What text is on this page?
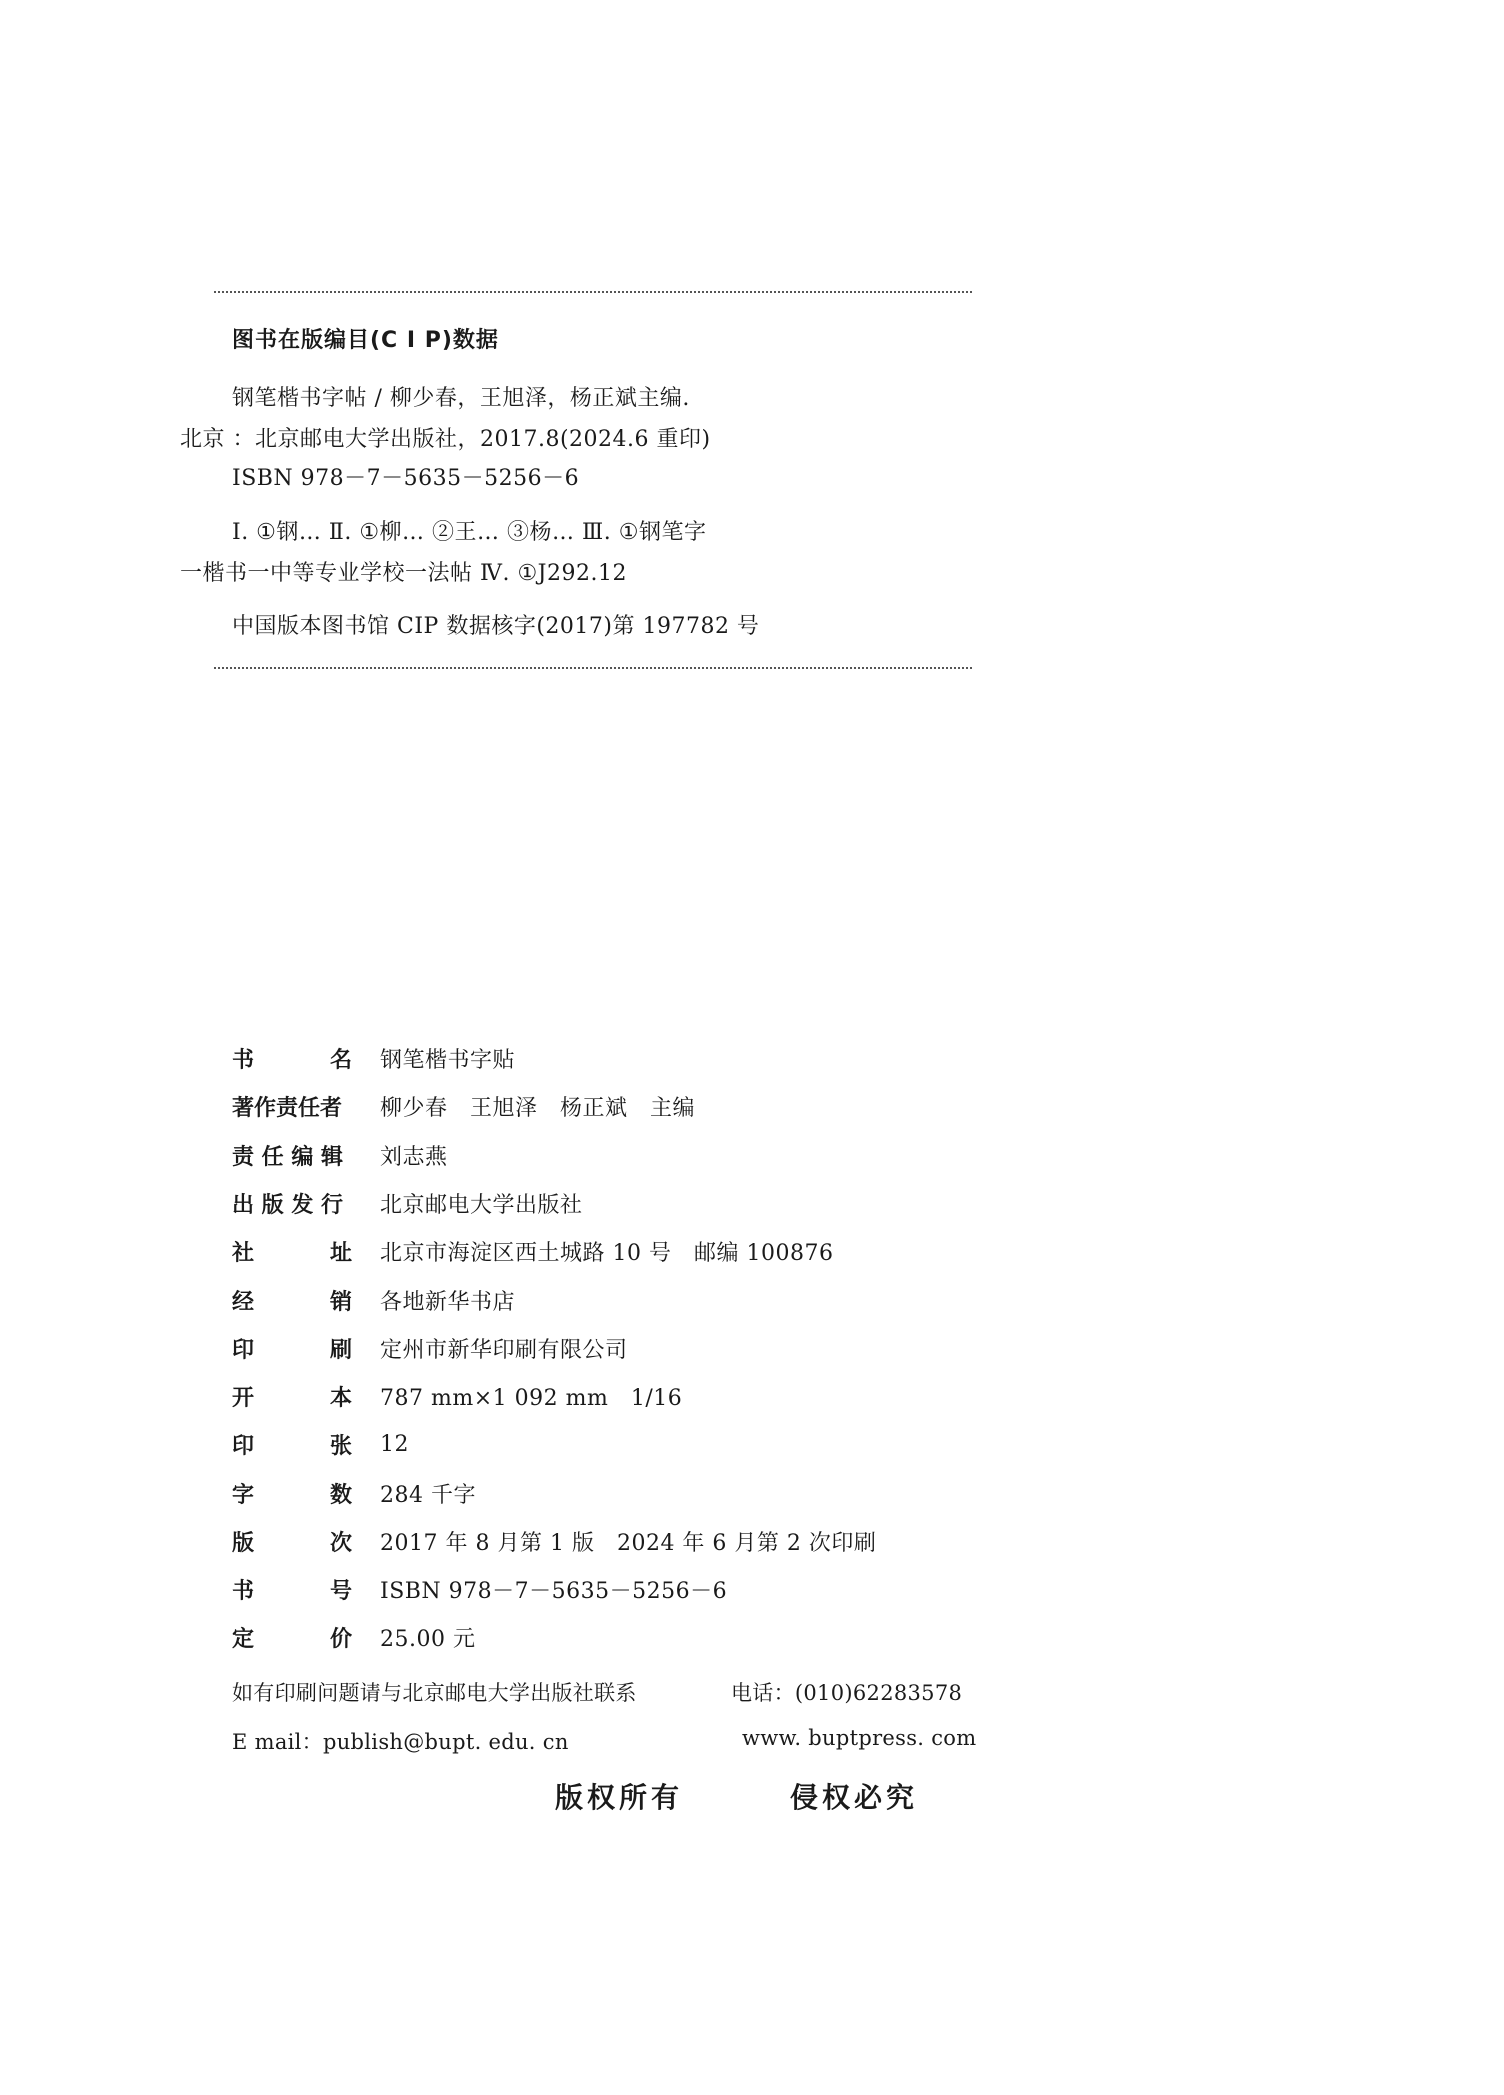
图书在版编目(C I P)数据
钢笔楷书字帖 / 柳少春，王旭泽，杨正斌主编.
北京 ：北京邮电大学出版社，2017.8(2024.6 重印)
ISBN 978－7－5635－5256－6
Ⅰ. ①钢… Ⅱ. ①柳… ②王… ③杨… Ⅲ. ①钢笔字
一楷书一中等专业学校一法帖 Ⅳ. ①J292.12
中国版本图书馆 CIP 数据核字(2017)第 197782 号
书	名 钢笔楷书字贴
著作责任者	柳少春　王旭泽　杨正斌　主编
责 任 编 辑	刘志燕
出 版 发 行	北京邮电大学出版社
社	址 北京市海淀区西土城路 10 号　邮编 100876
经	销 各地新华书店
印	刷 定州市新华印刷有限公司
开	本 787 mm×1 092 mm　1/16
印	张 12
字	数 284 千字
版	次 2017 年 8 月第 1 版　2024 年 6 月第 2 次印刷
书	号 ISBN 978－7－5635－5256－6
定	价 25.00 元
如有印刷问题请与北京邮电大学出版社联系	电话：(010)62283578
E mail：publish@bupt. edu. cn	www. buptpress. com
版权所有	侵权必究
